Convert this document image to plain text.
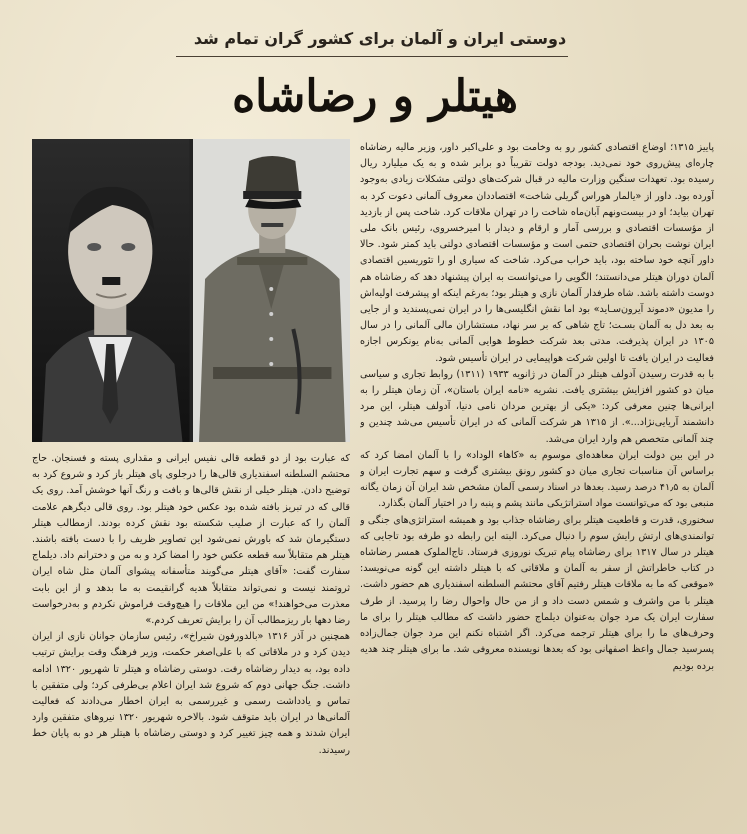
دوستی ایران و آلمان برای کشور گران تمام شد
هیتلر و رضاشاه

پاییز ۱۳۱۵؛ اوضاع اقتصادی کشور رو به وخامت بود و علی‌اکبر داور، وزیر مالیه رضاشاه چاره‌ای پیش‌روی خود نمی‌دید. بودجه دولت تقریباً دو برابر شده و به یک میلیارد ریال رسیده بود. تعهدات سنگین وزارت مالیه در قبال شرکت‌های دولتی مشکلات زیادی به‌وجود آورده بود. داور از «یالمار هوراس گریلی شاخت» اقتصاددان معروف آلمانی دعوت کرد به تهران بیاید؛ او در بیست‌ونهم آبان‌ماه شاخت را در تهران ملاقات کرد. شاخت پس از بازدید از مؤسسات اقتصادی و بررسی آمار و ارقام و دیدار با امیرخسروی، رئیس بانک ملی ایران نوشت بحران اقتصادی حتمی است و مؤسسات اقتصادی دولتی باید کمتر شود. حالا داور آنچه خود ساخته بود، باید خراب می‌کرد. شاخت که سیاری او را تئوریسین اقتصادی آلمان دوران هیتلر می‌دانستند؛ الگویی را می‌توانست به ایران پیشنهاد دهد که رضاشاه هم دوست داشته باشد. شاه طرفدار آلمان نازی و هیتلر بود؛ به‌رغم اینکه او پیشرفت اولیه‌اش را مدیون «دموند آیرون‌سـاید» بود اما نقش انگلیسی‌ها را در ایران نمی‌پسندید و از جایی به بعد دل به آلمان بسـت؛ تاج شاهی که بر سر نهاد، مستشاران مالی آلمانی را در سال ۱۳۰۵ در ایران پذیرفت. مدتی بعد شرکت خطوط هوایی آلمانی به‌نام یونکرس اجازه فعالیت در ایران یافت تا اولین شرکت هواپیمایی در ایران تأسیس شود.

با به قدرت رسیدن آدولف هیتلر در آلمان در ژانویه ۱۹۳۳ (۱۳۱۱) روابط تجاری و سیاسی میان دو کشور افزایش بیشتری یافت. نشریه «نامه ایران باستان»، آن زمان هیتلر را به ایرانی‌ها چنین معرفی کرد: «یکی از بهترین مردان نامی دنیا، آدولف هیتلر، این مرد دانشمند آریایی‌نژاد...». از ۱۳۱۵ هر شرکت آلمانی که در ایران تأسیس می‌شد چندین و چند آلمانی متخصص هم وارد ایران می‌شد.

در این بین دولت ایران معاهده‌ای موسوم به «کاهاء الوداد» را با آلمان امضا کرد که براساس آن مناسبات تجاری میان دو کشور رونق بیشتری گرفت و سهم تجارت ایران و آلمان به ۴۱٫۵ درصد رسید. بعدها در اسناد رسمی آلمان مشخص شد ایران آن زمان یگانه منبعی بود که می‌توانست مواد استراتژیکی مانند پشم و پنبه را در اختیار آلمان بگذارد.

سخنوری، قدرت و قاطعیت هیتلر برای رضاشاه جذاب بود و همیشه استراتژی‌های جنگی و توانمندی‌های ارتش رایش سوم را دنبال می‌کرد. البته این رابطه دو طرفه بود تاجایی که هیتلر در سال ۱۳۱۷ برای رضاشاه پیام تبریک نوروزی فرستاد. تاج‌الملوک همسر رضاشاه در کتاب خاطراتش از سفر به آلمان و ملاقاتی که با هیتلر داشته این گونه می‌نویسد: «موقعی که ما به ملاقات هیتلر رفتیم آقای محتشم السلطنه اسفندیاری هم حضور داشت. هیتلر با من واشرف و شمس دست داد و از من حال واحوال رضا را پرسید. از طرف سفارت ایران یک مرد جوان به‌عنوان دیلماج حضور داشت که مطالب هیتلر را برای ما وحرف‌های ما را برای هیتلر ترجمه می‌کرد. اگر اشتباه نکنم این مرد جوان جمال‌زاده پسرسید جمال واعظ اصفهانی بود که بعدها نویسنده معروفی شد. ما برای هیتلر چند هدیه برده بودیم

که عبارت بود از دو قطعه قالی نفیس ایرانی و مقداری پسته و فسنجان. حاج محتشم السلطنه اسفندیاری قالی‌ها را درجلوی پای هیتلر باز کرد و شروع کرد به توضیح دادن. هیتلر خیلی از نقش قالی‌ها و بافت و رنگ آنها خوشش آمد. روی یک قالی که در تبریز بافته شده بود عکس خود هیتلر بود. روی قالی دیگرهم علامت آلمان را که عبارت از صلیب شکسته بود نقش کرده بودند. ازمطالب هیتلر دستگیرمان شد که باورش نمی‌شود این تصاویر ظریف را با دست بافته باشند. هیتلر هم متقابلاً سه قطعه عکس خود را امضا کرد و به من و دخترانم داد. دیلماج سفارت گفت: «آقای هیتلر می‌گویند متأسفانه پیشوای آلمان مثل شاه ایران ثروتمند نیست و نمی‌تواند متقابلاً هدیه گرانقیمت به ما بدهد و از این بابت معذرت می‌خواهند!» من این ملاقات را هیچ‌وقت فراموش نکردم و به‌درخواست رضا دهها بار ریزمطالب آن را برایش تعریف کردم.»

همچنین در آذر ۱۳۱۶ «بالدورفون شیراخ»، رئیس سازمان جوانان نازی از ایران دیدن کرد و در ملاقاتی که با علی‌اصغر حکمت، وزیر فرهنگ وقت برایش ترتیب داده بود، به دیدار رضاشاه رفت. دوستی رضاشاه و هیتلر تا شهریور ۱۳۲۰ ادامه داشت. جنگ جهانی دوم که شروع شد ایران اعلام بی‌طرفی کرد؛ ولی متفقین با تماس و یادداشت رسمی و غیررسمی به ایران اخطار می‌دادند که فعالیت آلمانی‌ها در ایران باید متوقف شود. بالاخره شهریور ۱۳۲۰ نیروهای متفقین وارد ایران شدند و همه چیز تغییر کرد و دوستی رضاشاه با هیتلر هر دو به پایان خط رسیدند.
